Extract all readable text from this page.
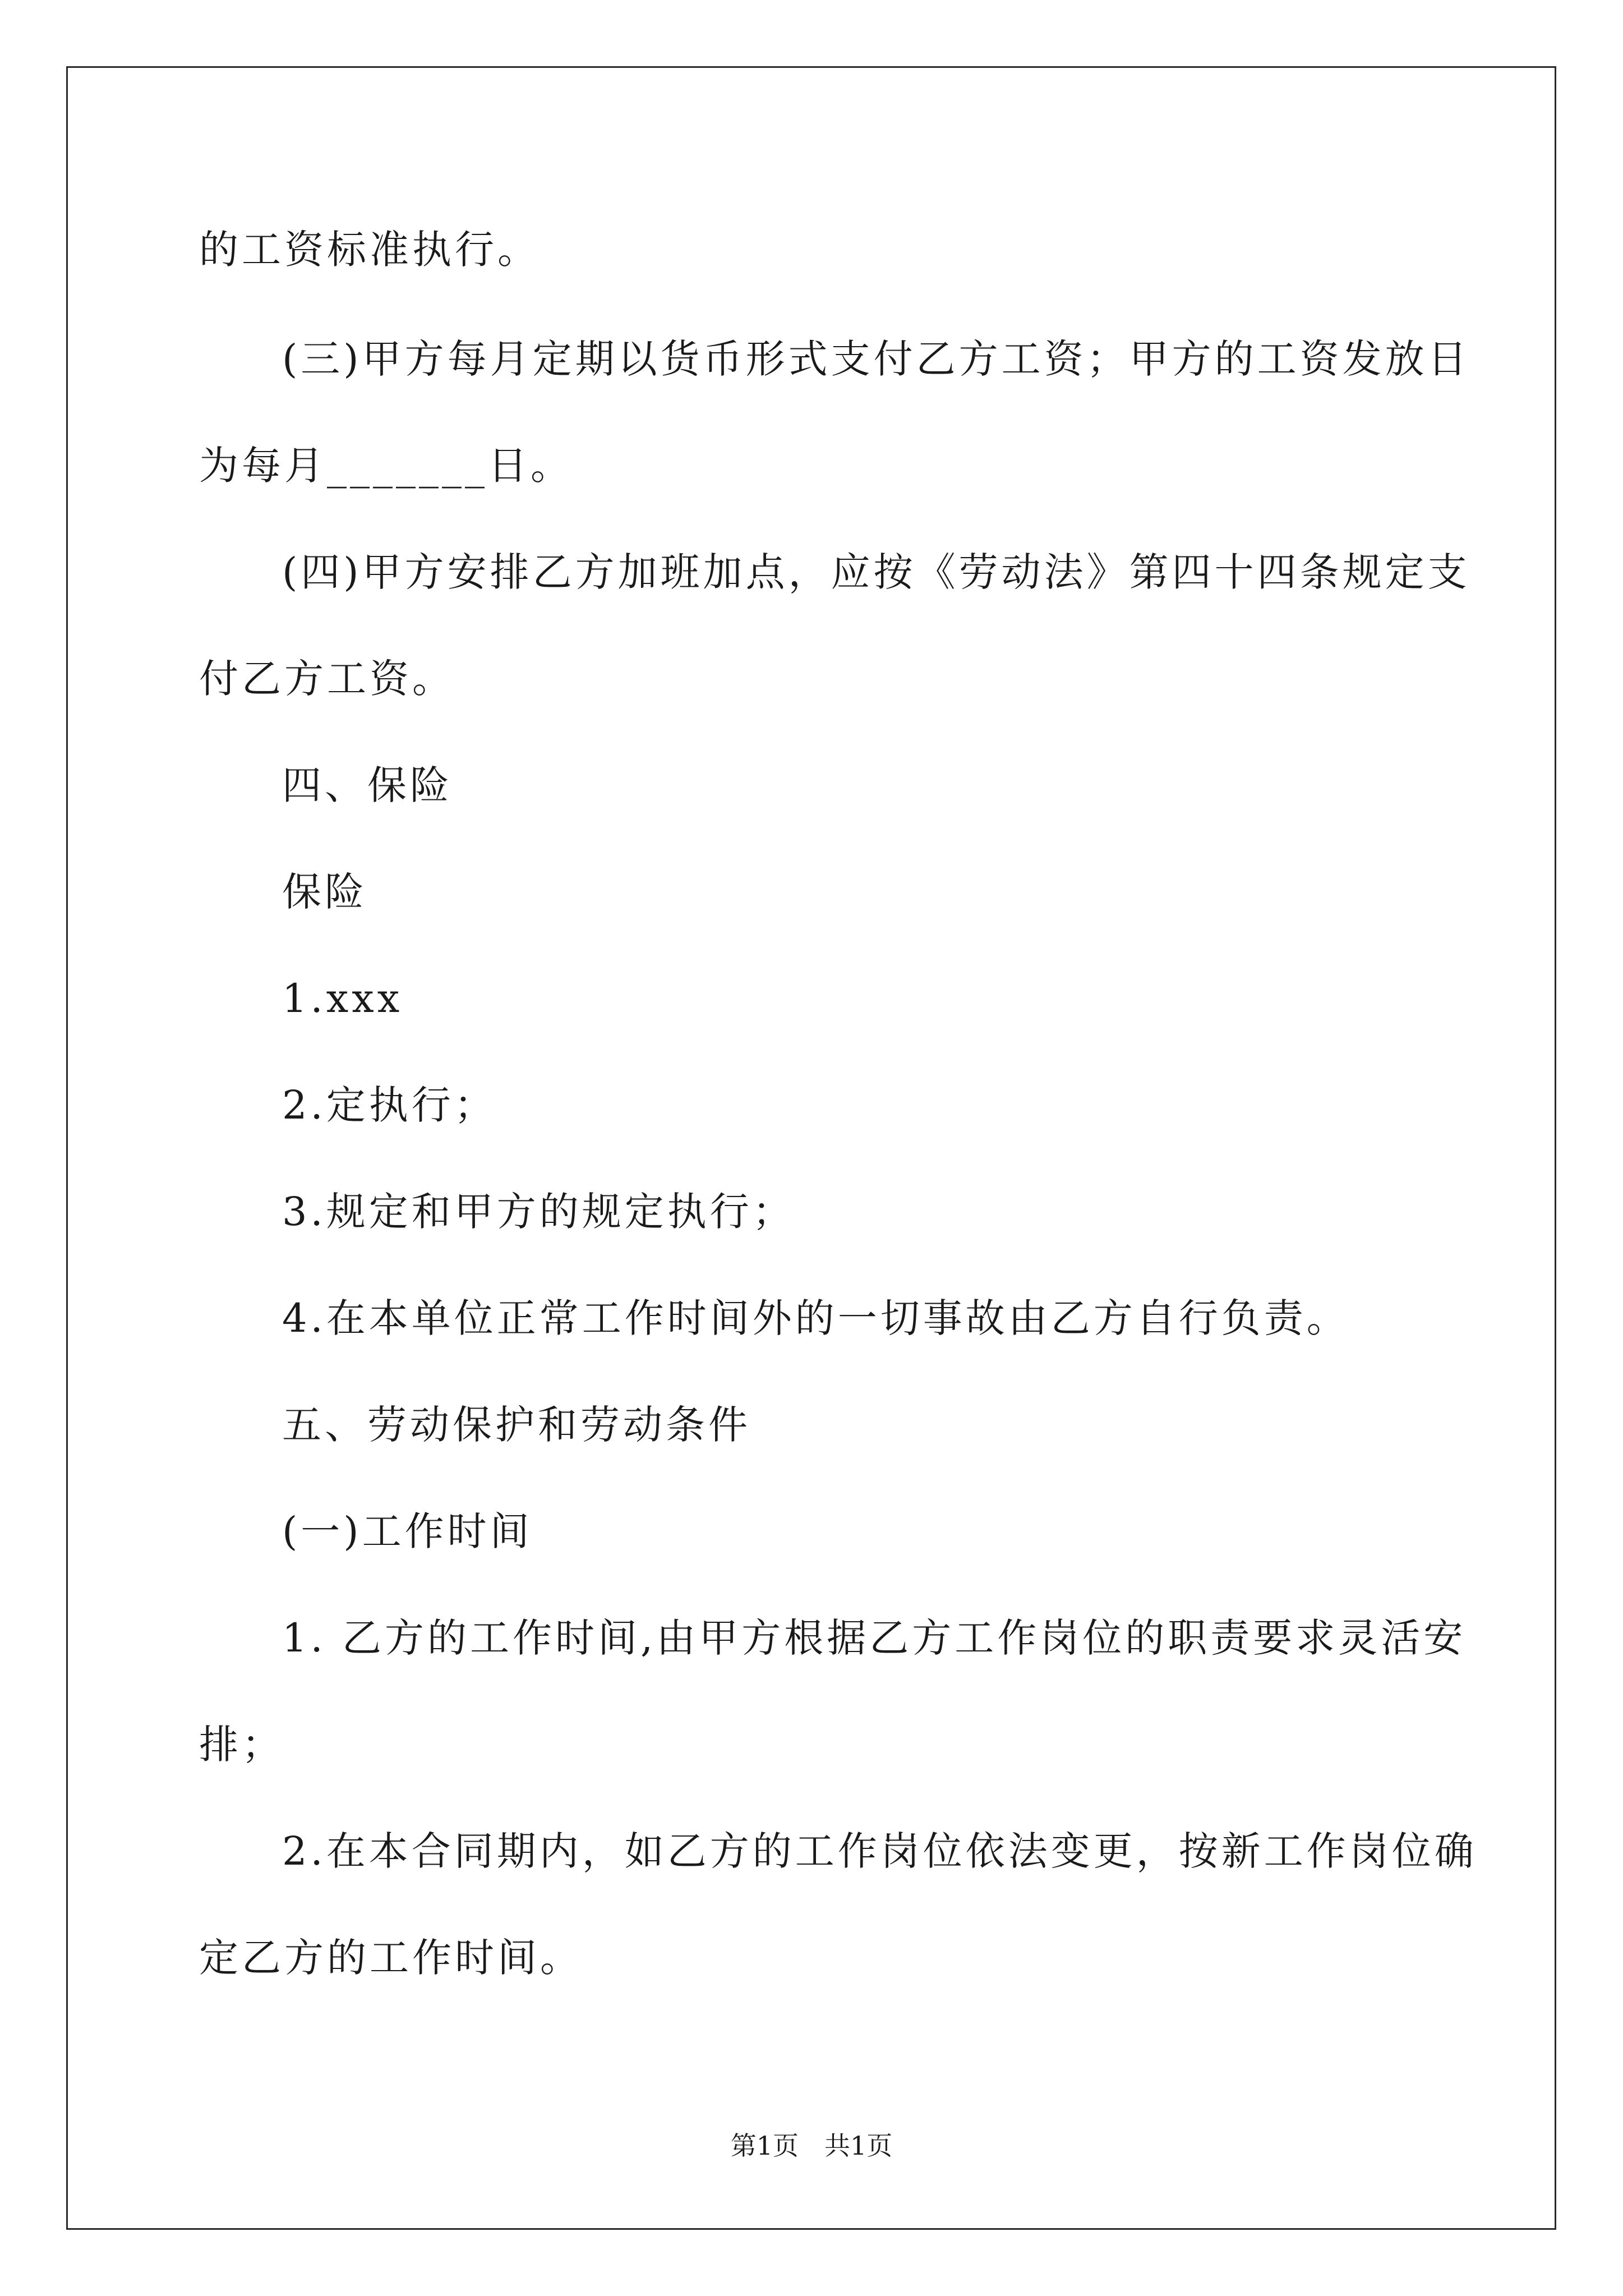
的工资标准执行。
(三)甲方每月定期以货币形式支付乙方工资；甲方的工资发放日
为每月_______日。
(四)甲方安排乙方加班加点，应按《劳动法》第四十四条规定支
付乙方工资。
四、保险
保险
1.xxx
2.定执行；
3.规定和甲方的规定执行；
4.在本单位正常工作时间外的一切事故由乙方自行负责。
五、劳动保护和劳动条件
(一)工作时间
1. 乙方的工作时间,由甲方根据乙方工作岗位的职责要求灵活安
排；
2.在本合同期内，如乙方的工作岗位依法变更，按新工作岗位确
定乙方的工作时间。
第1页 共1页
